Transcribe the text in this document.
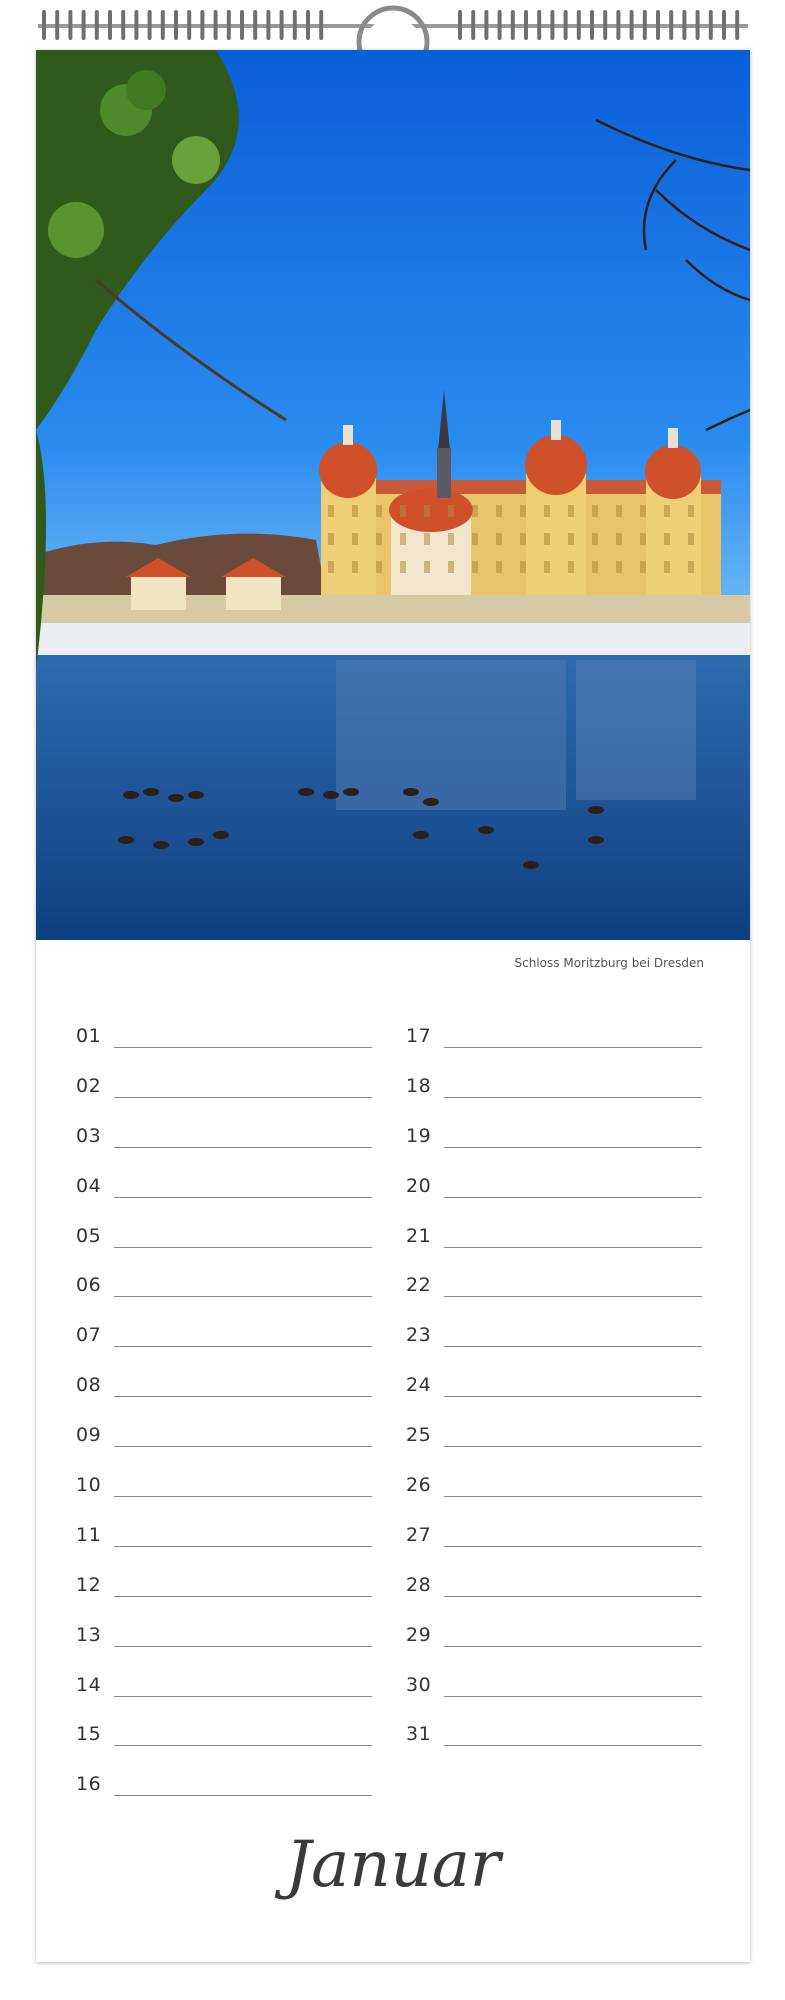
Schloss Moritzburg bei Dresden
01
02
03
04
05
06
07
08
09
10
11
12
13
14
15
16
17
18
19
20
21
22
23
24
25
26
27
28
29
30
31
Januar
